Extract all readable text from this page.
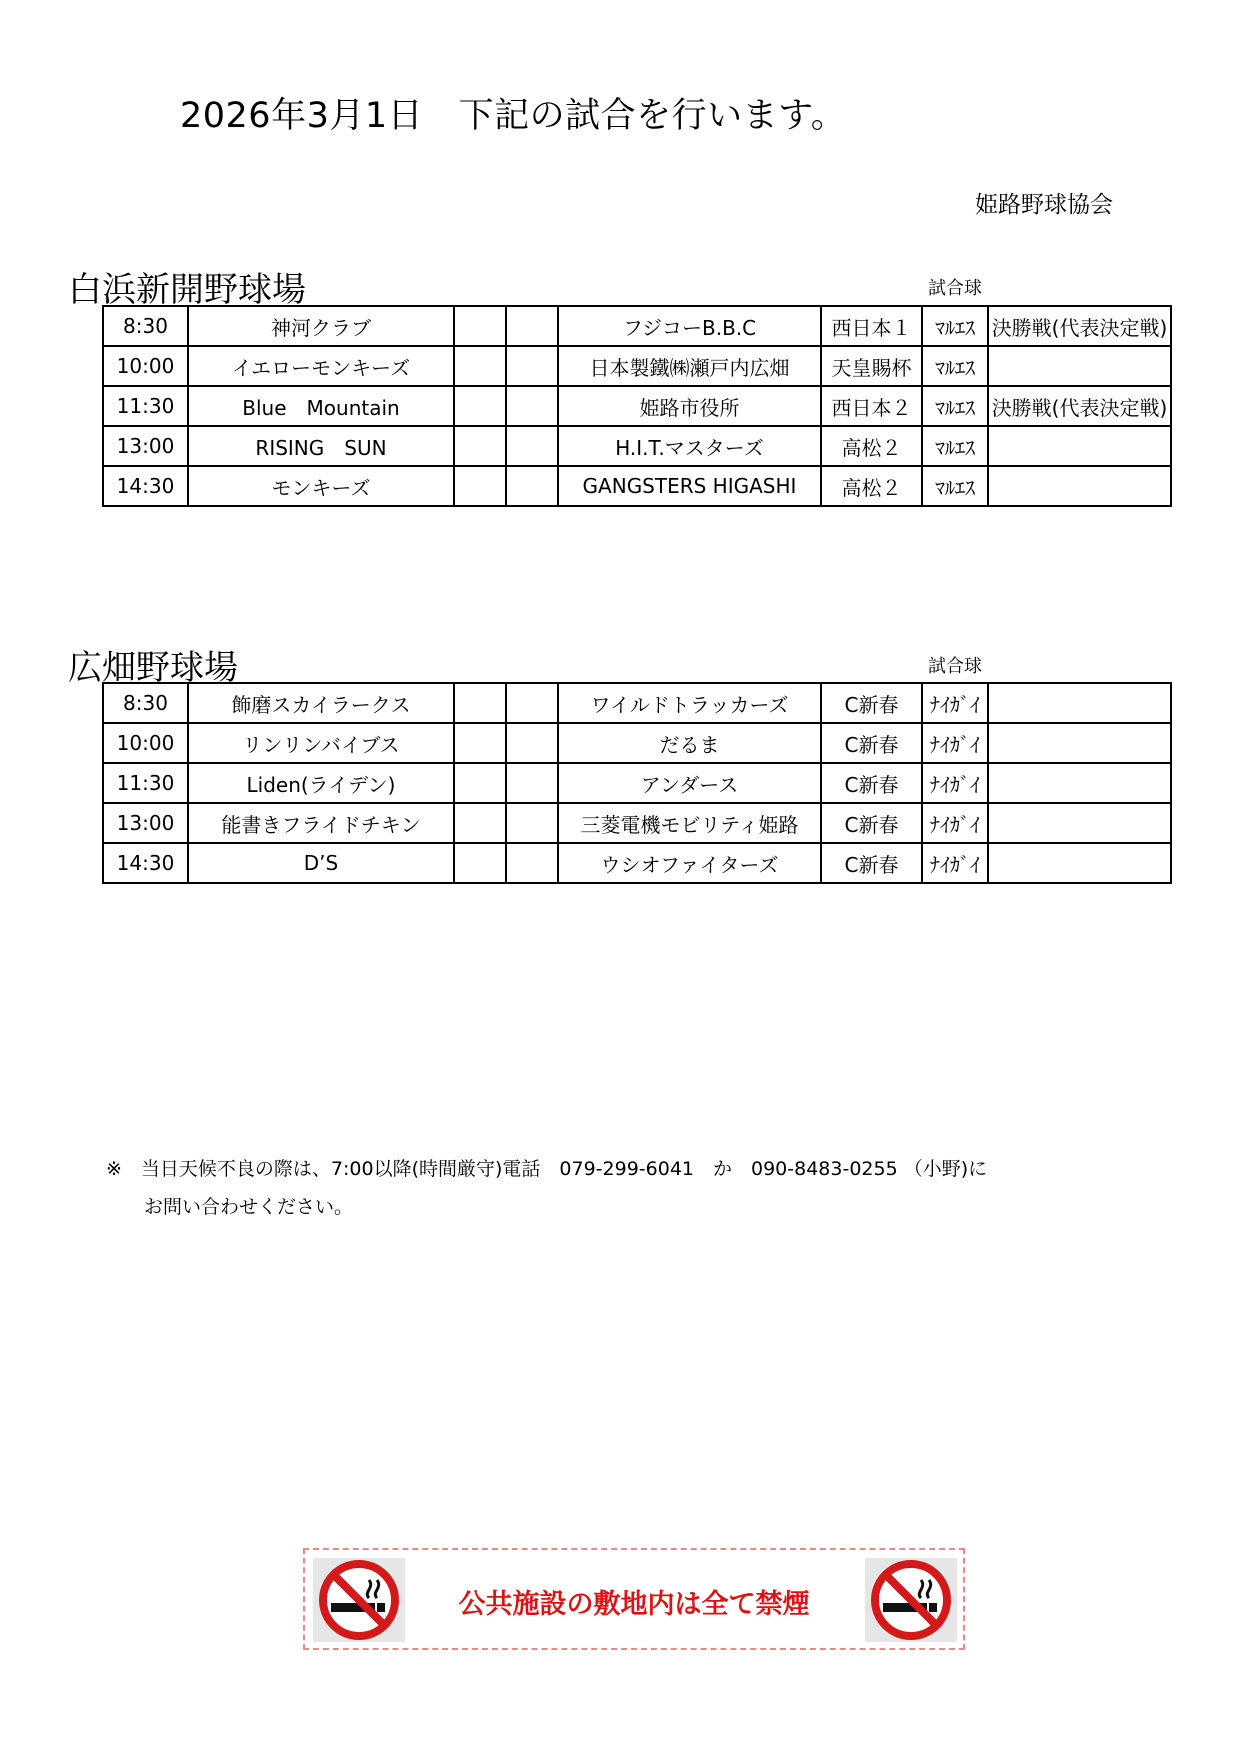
2026年3月1日　下記の試合を行います。
姫路野球協会
白浜新開野球場	試合球
8:30	神河クラブ			フジコーB.B.C	西日本１	ﾏﾙｴｽ	決勝戦(代表決定戦)
10:00	イエローモンキーズ			日本製鐵㈱瀬戸内広畑	天皇賜杯	ﾏﾙｴｽ	
11:30	Blue　Mountain			姫路市役所	西日本２	ﾏﾙｴｽ	決勝戦(代表決定戦)
13:00	RISING　SUN			H.I.T.マスターズ	高松２	ﾏﾙｴｽ	
14:30	モンキーズ			GANGSTERS HIGASHI	高松２	ﾏﾙｴｽ	
広畑野球場	試合球
8:30	飾磨スカイラークス			ワイルドトラッカーズ	C新春	ﾅｲｶﾞｲ	
10:00	リンリンバイブス			だるま	C新春	ﾅｲｶﾞｲ	
11:30	Liden(ライデン)			アンダース	C新春	ﾅｲｶﾞｲ	
13:00	能書きフライドチキン			三菱電機モビリティ姫路	C新春	ﾅｲｶﾞｲ	
14:30	D’S			ウシオファイターズ	C新春	ﾅｲｶﾞｲ	
※　当日天候不良の際は、7:00以降(時間厳守)電話　079-299-6041　か　090-8483-0255 （小野)に
お問い合わせください。
公共施設の敷地内は全て禁煙
